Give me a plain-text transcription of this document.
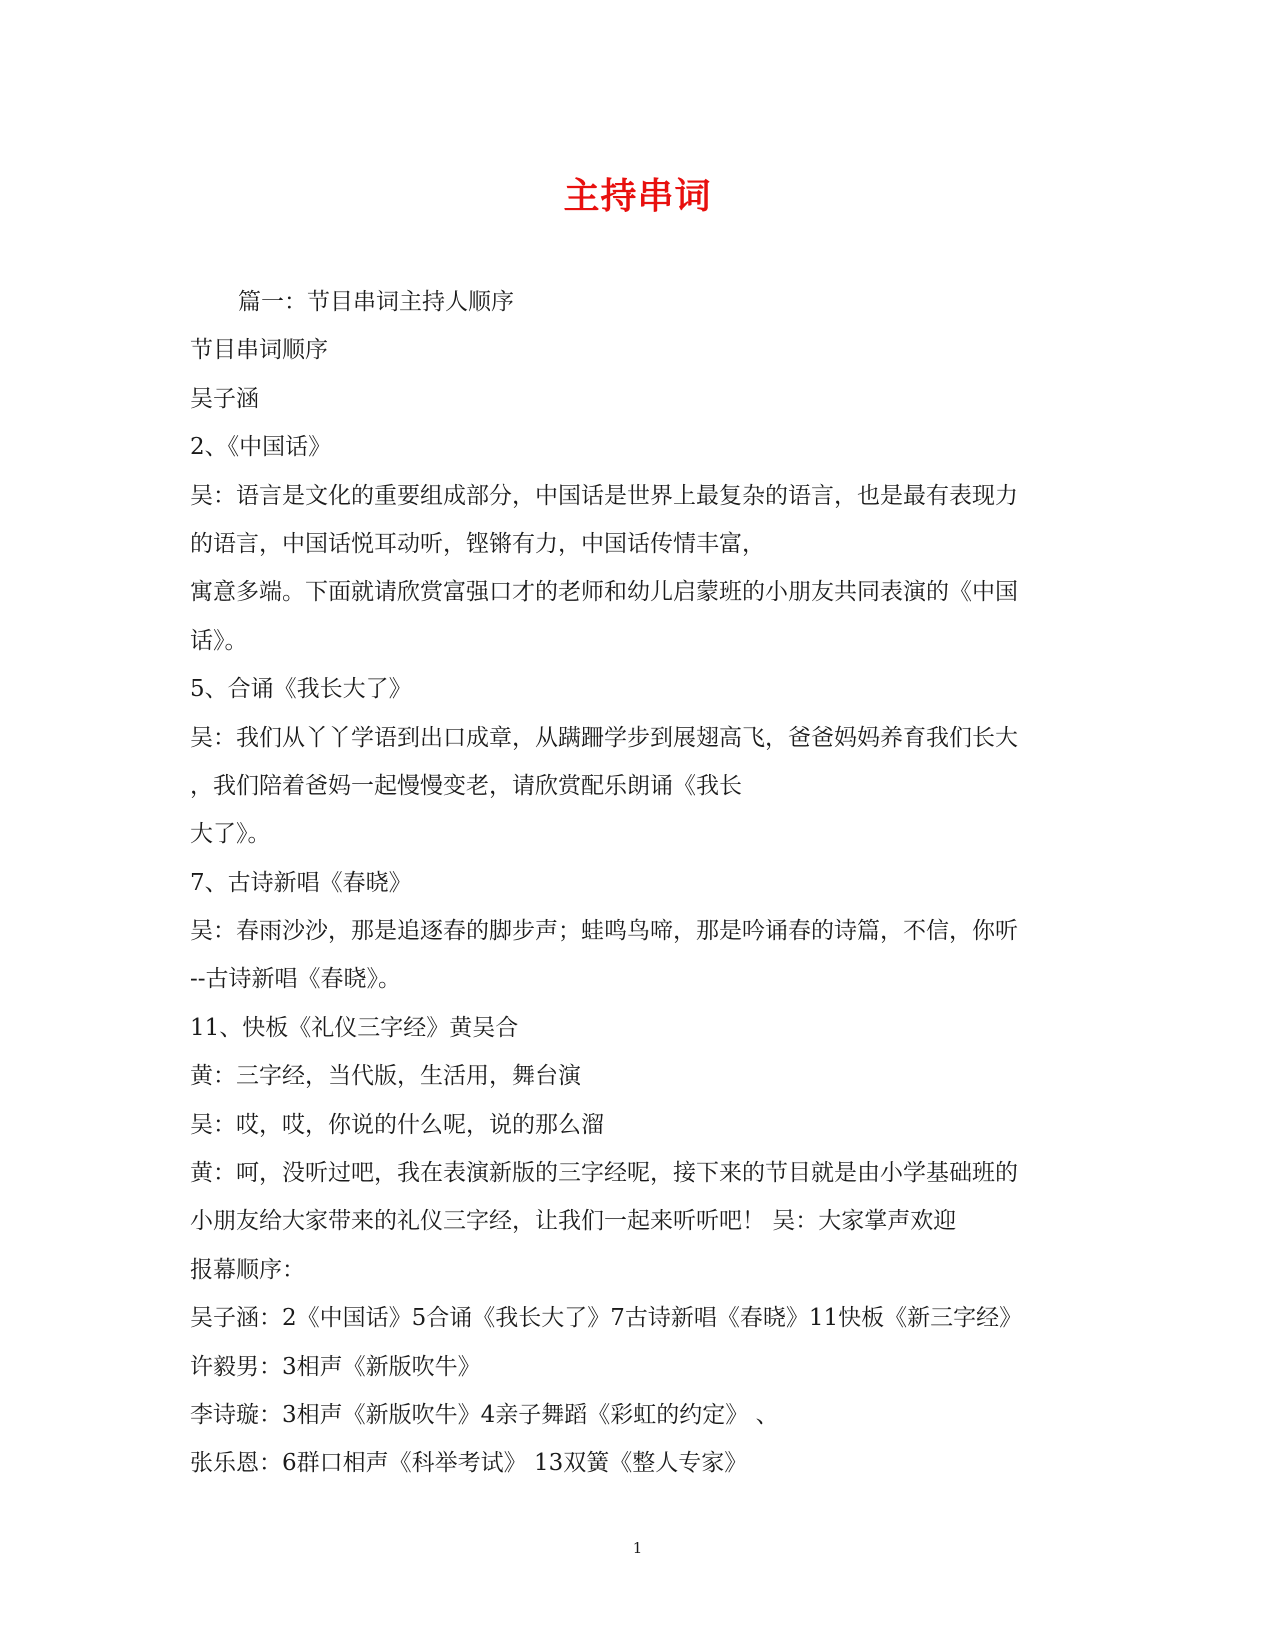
主持串词

篇一：节目串词主持人顺序

节目串词顺序

吴子涵

2、《中国话》

吴：语言是文化的重要组成部分，中国话是世界上最复杂的语言，也是最有表现力

的语言，中国话悦耳动听，铿锵有力，中国话传情丰富，

寓意多端。下面就请欣赏富强口才的老师和幼儿启蒙班的小朋友共同表演的《中国

话》。

5、合诵《我长大了》

吴：我们从丫丫学语到出口成章，从蹒跚学步到展翅高飞，爸爸妈妈养育我们长大

，我们陪着爸妈一起慢慢变老，请欣赏配乐朗诵《我长

大了》。

7、古诗新唱《春晓》

吴：春雨沙沙，那是追逐春的脚步声；蛙鸣鸟啼，那是吟诵春的诗篇，不信，你听

--古诗新唱《春晓》。

11、快板《礼仪三字经》黄吴合

黄：三字经，当代版，生活用，舞台演

吴：哎，哎，你说的什么呢，说的那么溜

黄：呵，没听过吧，我在表演新版的三字经呢，接下来的节目就是由小学基础班的

小朋友给大家带来的礼仪三字经，让我们一起来听听吧！ 吴：大家掌声欢迎

报幕顺序：

吴子涵：2《中国话》5合诵《我长大了》7古诗新唱《春晓》11快板《新三字经》

许毅男：3相声《新版吹牛》

李诗璇：3相声《新版吹牛》4亲子舞蹈《彩虹的约定》 、

张乐恩：6群口相声《科举考试》 13双簧《整人专家》

1
